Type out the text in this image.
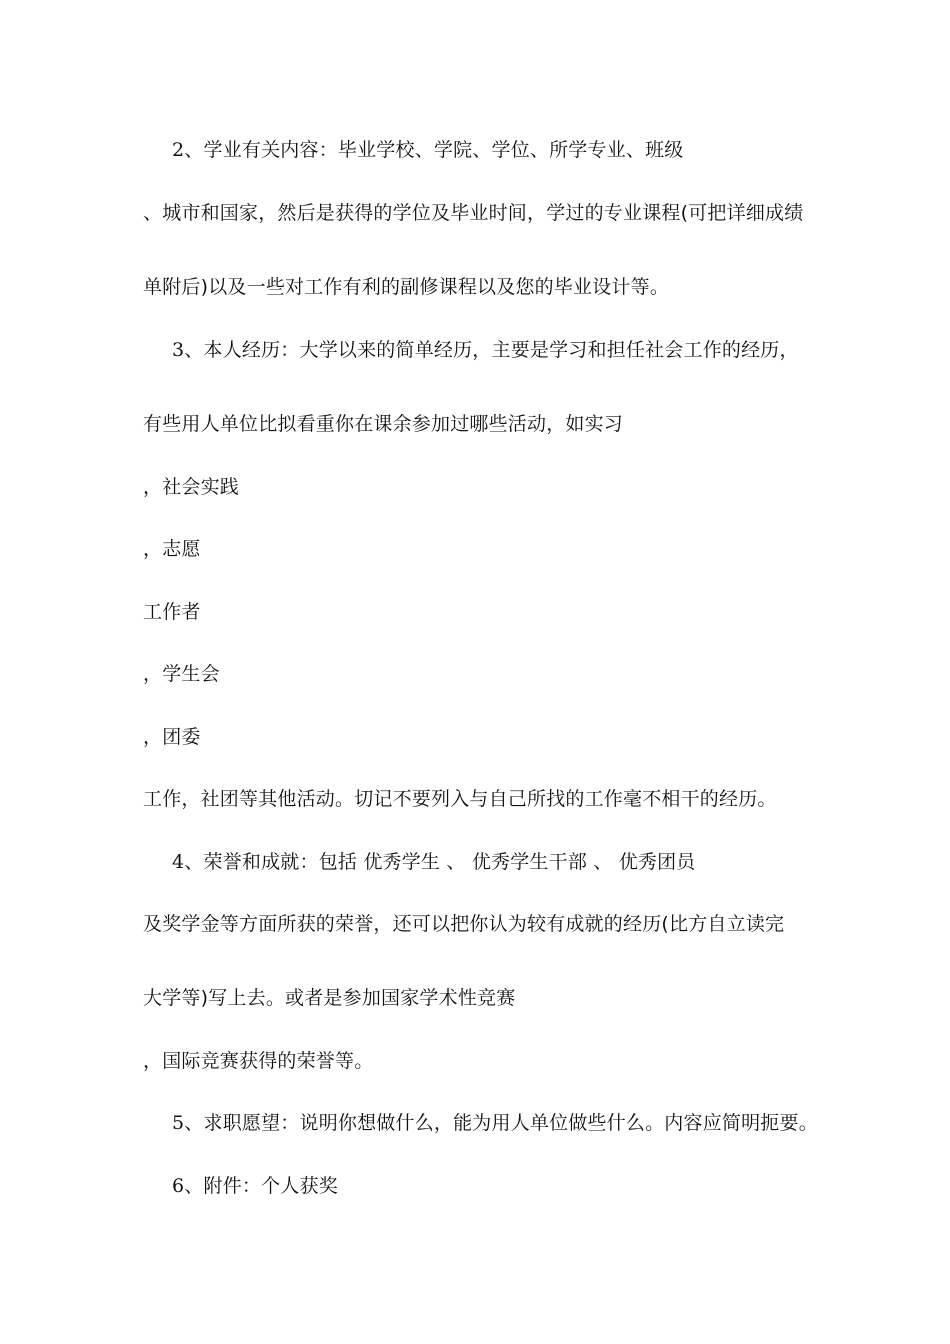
2、学业有关内容：毕业学校、学院、学位、所学专业、班级
、城市和国家，然后是获得的学位及毕业时间，学过的专业课程(可把详细成绩
单附后)以及一些对工作有利的副修课程以及您的毕业设计等。
3、本人经历：大学以来的简单经历，主要是学习和担任社会工作的经历，
有些用人单位比拟看重你在课余参加过哪些活动，如实习
，社会实践
，志愿
工作者
，学生会
，团委
工作，社团等其他活动。切记不要列入与自己所找的工作毫不相干的经历。
4、荣誉和成就：包括 优秀学生 、 优秀学生干部 、 优秀团员
及奖学金等方面所获的荣誉，还可以把你认为较有成就的经历(比方自立读完
大学等)写上去。或者是参加国家学术性竞赛
，国际竞赛获得的荣誉等。
5、求职愿望：说明你想做什么，能为用人单位做些什么。内容应简明扼要。
6、附件：个人获奖
